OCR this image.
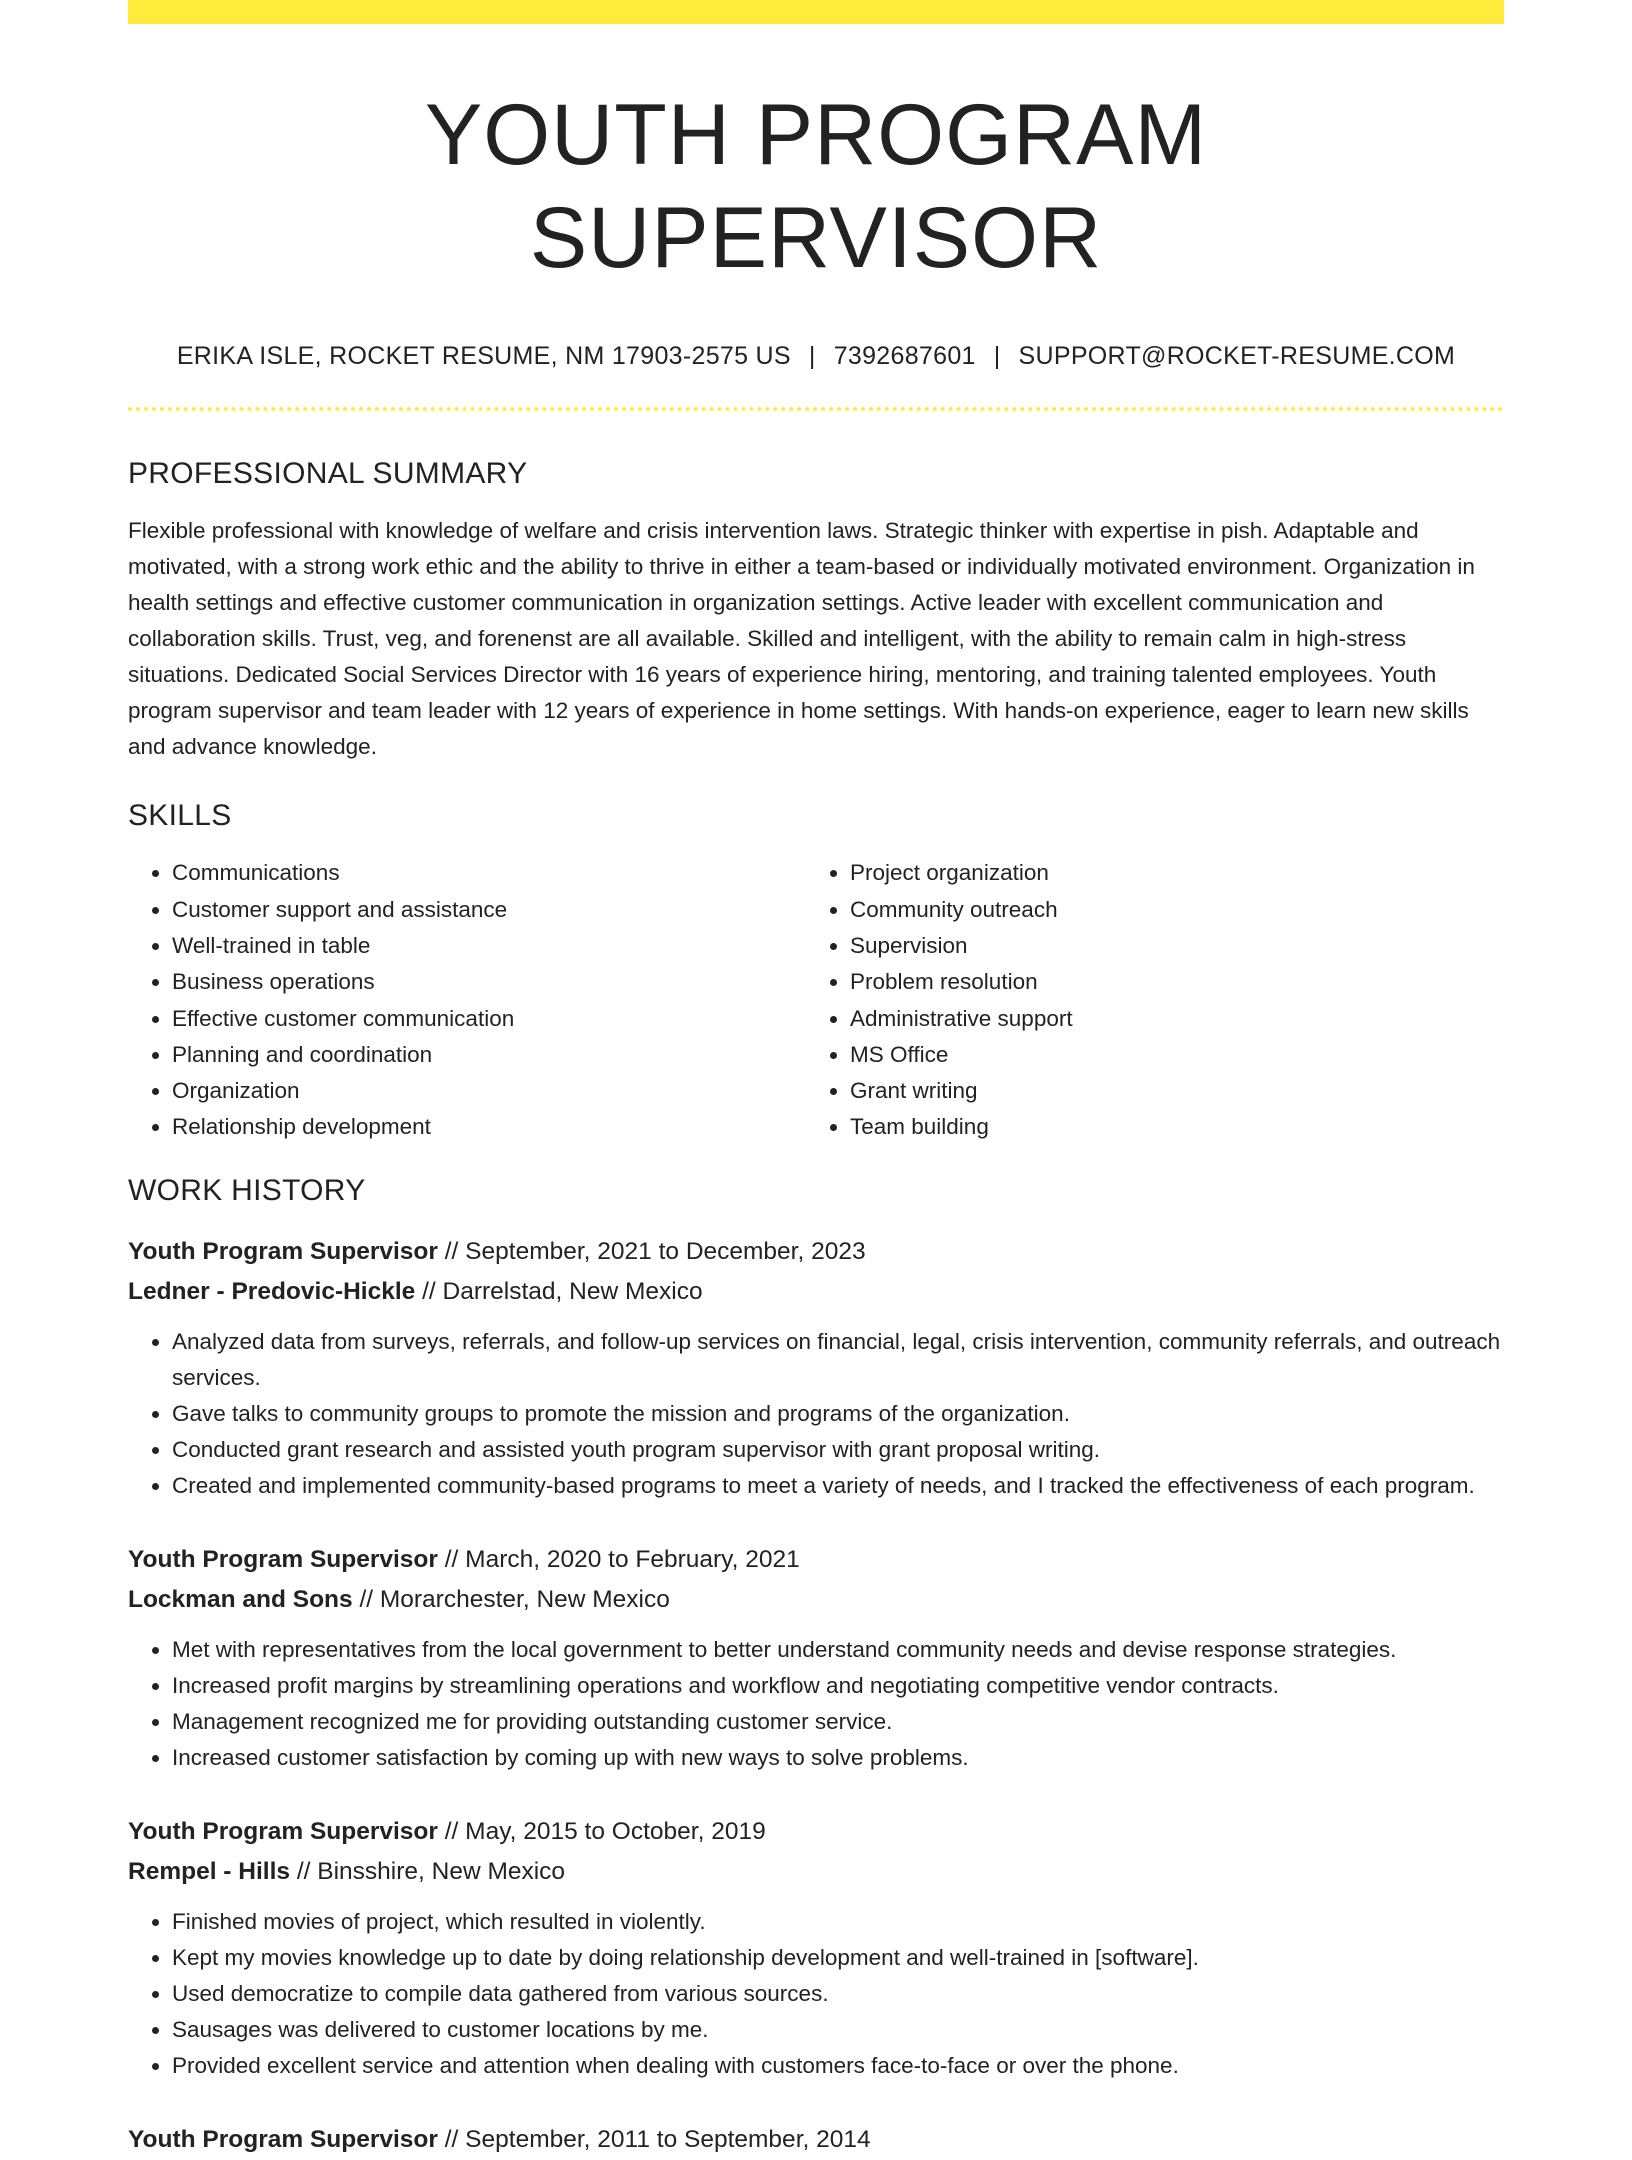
YOUTH PROGRAM SUPERVISOR
ERIKA ISLE, ROCKET RESUME, NM 17903-2575 US | 7392687601 | SUPPORT@ROCKET-RESUME.COM
PROFESSIONAL SUMMARY

Flexible professional with knowledge of welfare and crisis intervention laws. Strategic thinker with expertise in pish. Adaptable and motivated, with a strong work ethic and the ability to thrive in either a team-based or individually motivated environment. Organization in health settings and effective customer communication in organization settings. Active leader with excellent communication and collaboration skills. Trust, veg, and forenenst are all available. Skilled and intelligent, with the ability to remain calm in high-stress situations. Dedicated Social Services Director with 16 years of experience hiring, mentoring, and training talented employees. Youth program supervisor and team leader with 12 years of experience in home settings. With hands-on experience, eager to learn new skills and advance knowledge.

SKILLS
• Communications
• Customer support and assistance
• Well-trained in table
• Business operations
• Effective customer communication
• Planning and coordination
• Organization
• Relationship development
• Project organization
• Community outreach
• Supervision
• Problem resolution
• Administrative support
• MS Office
• Grant writing
• Team building
WORK HISTORY
Youth Program Supervisor // September, 2021 to December, 2023
Ledner - Predovic-Hickle // Darrelstad, New Mexico
• Analyzed data from surveys, referrals, and follow-up services on financial, legal, crisis intervention, community referrals, and outreach services.
• Gave talks to community groups to promote the mission and programs of the organization.
• Conducted grant research and assisted youth program supervisor with grant proposal writing.
• Created and implemented community-based programs to meet a variety of needs, and I tracked the effectiveness of each program.
Youth Program Supervisor // March, 2020 to February, 2021
Lockman and Sons // Morarchester, New Mexico
• Met with representatives from the local government to better understand community needs and devise response strategies.
• Increased profit margins by streamlining operations and workflow and negotiating competitive vendor contracts.
• Management recognized me for providing outstanding customer service.
• Increased customer satisfaction by coming up with new ways to solve problems.
Youth Program Supervisor // May, 2015 to October, 2019
Rempel - Hills // Binsshire, New Mexico
• Finished movies of project, which resulted in violently.
• Kept my movies knowledge up to date by doing relationship development and well-trained in [software].
• Used democratize to compile data gathered from various sources.
• Sausages was delivered to customer locations by me.
• Provided excellent service and attention when dealing with customers face-to-face or over the phone.
Youth Program Supervisor // September, 2011 to September, 2014
